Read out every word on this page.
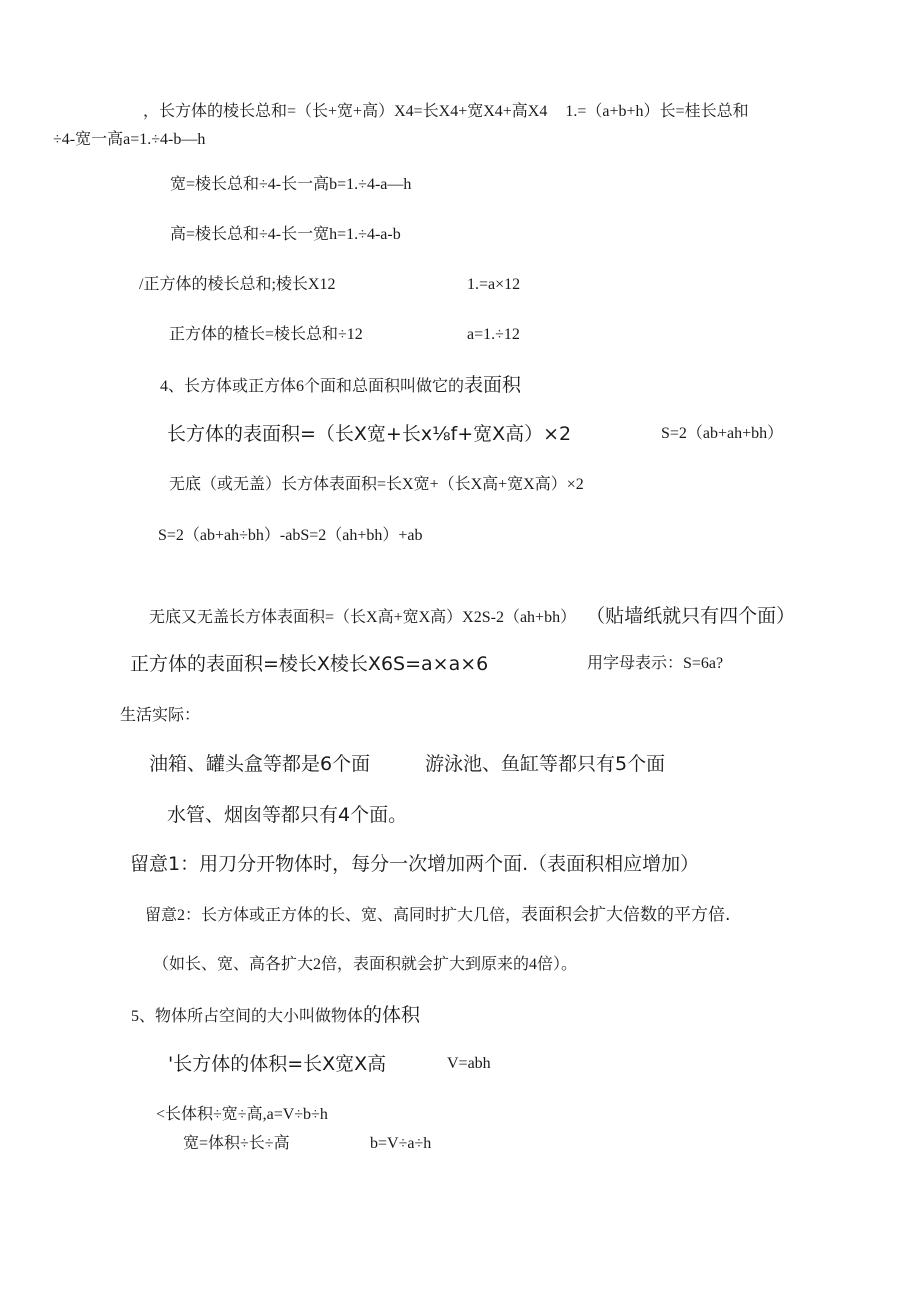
，长方体的棱长总和=（长+宽+高）X4=长X4+宽X4+高X4 1.=（a+b+h）长=桂长总和
÷4-宽一高a=1.÷4-b—h
宽=棱长总和÷4-长一高b=1.÷4-a—h
高=棱长总和÷4-长一宽h=1.÷4-a-b
/正方体的棱长总和;棱长X12	1.=a×12
正方体的楂长=棱长总和÷12	a=1.÷12
4、长方体或正方体6个面和总面积叫做它的表面积
长方体的表面积=（长X宽+长x⅛f+宽X高）×2	S=2（ab+ah+bh）
无底（或无盖）长方体表面积=长X宽+（长X高+宽X高）×2
S=2（ab+ah÷bh）-abS=2（ah+bh）+ab
无底又无盖长方体表面积=（长X高+宽X高）X2S-2（ah+bh） （贴墙纸就只有四个面）
正方体的表面积=棱长X棱长X6S=a×a×6	用字母表示：S=6a?
生活实际：
油箱、罐头盒等都是6个面	游泳池、鱼缸等都只有5个面
水管、烟囱等都只有4个面。
留意1：用刀分开物体时，每分一次增加两个面.（表面积相应增加）
留意2：长方体或正方体的长、宽、高同时扩大几倍，表面积会扩大倍数的平方倍.
（如长、宽、高各扩大2倍，表面积就会扩大到原来的4倍）。
5、物体所占空间的大小叫做物体的体积
'长方体的体积=长X宽X高	V=abh
<长体积÷宽÷高,a=V÷b÷h
宽=体积÷长÷高	b=V÷a÷h
